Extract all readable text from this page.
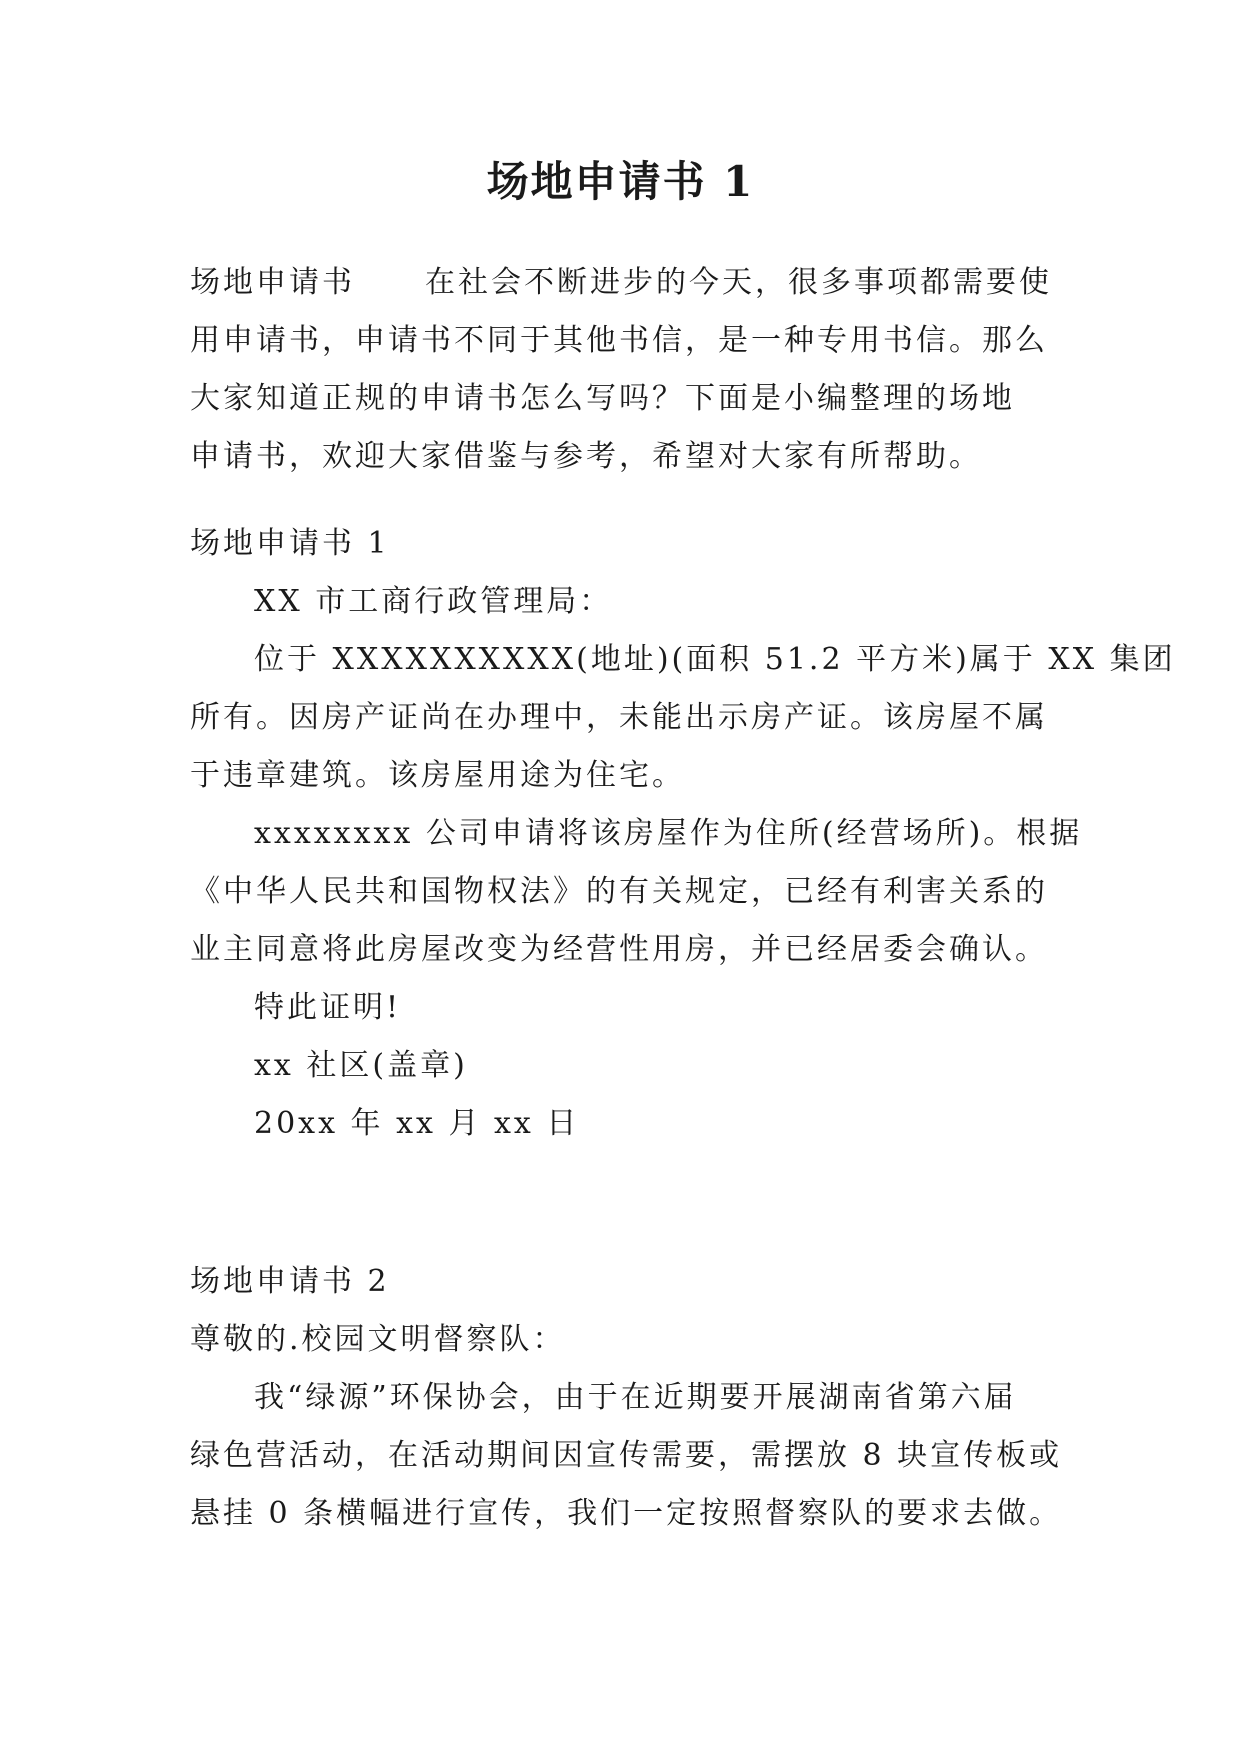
场地申请书 1
场地申请书 在社会不断进步的今天，很多事项都需要使
用申请书，申请书不同于其他书信，是一种专用书信。那么
大家知道正规的申请书怎么写吗？下面是小编整理的场地
申请书，欢迎大家借鉴与参考，希望对大家有所帮助。
场地申请书 1
XX 市工商行政管理局：
位于 XXXXXXXXXX(地址)(面积 51.2 平方米)属于 XX 集团
所有。因房产证尚在办理中，未能出示房产证。该房屋不属
于违章建筑。该房屋用途为住宅。
xxxxxxxx 公司申请将该房屋作为住所(经营场所)。根据
《中华人民共和国物权法》的有关规定，已经有利害关系的
业主同意将此房屋改变为经营性用房，并已经居委会确认。
特此证明!
xx 社区(盖章)
20xx 年 xx 月 xx 日
场地申请书 2
尊敬的.校园文明督察队：
我“绿源”环保协会，由于在近期要开展湖南省第六届
绿色营活动，在活动期间因宣传需要，需摆放 8 块宣传板或
悬挂 0 条横幅进行宣传，我们一定按照督察队的要求去做。
